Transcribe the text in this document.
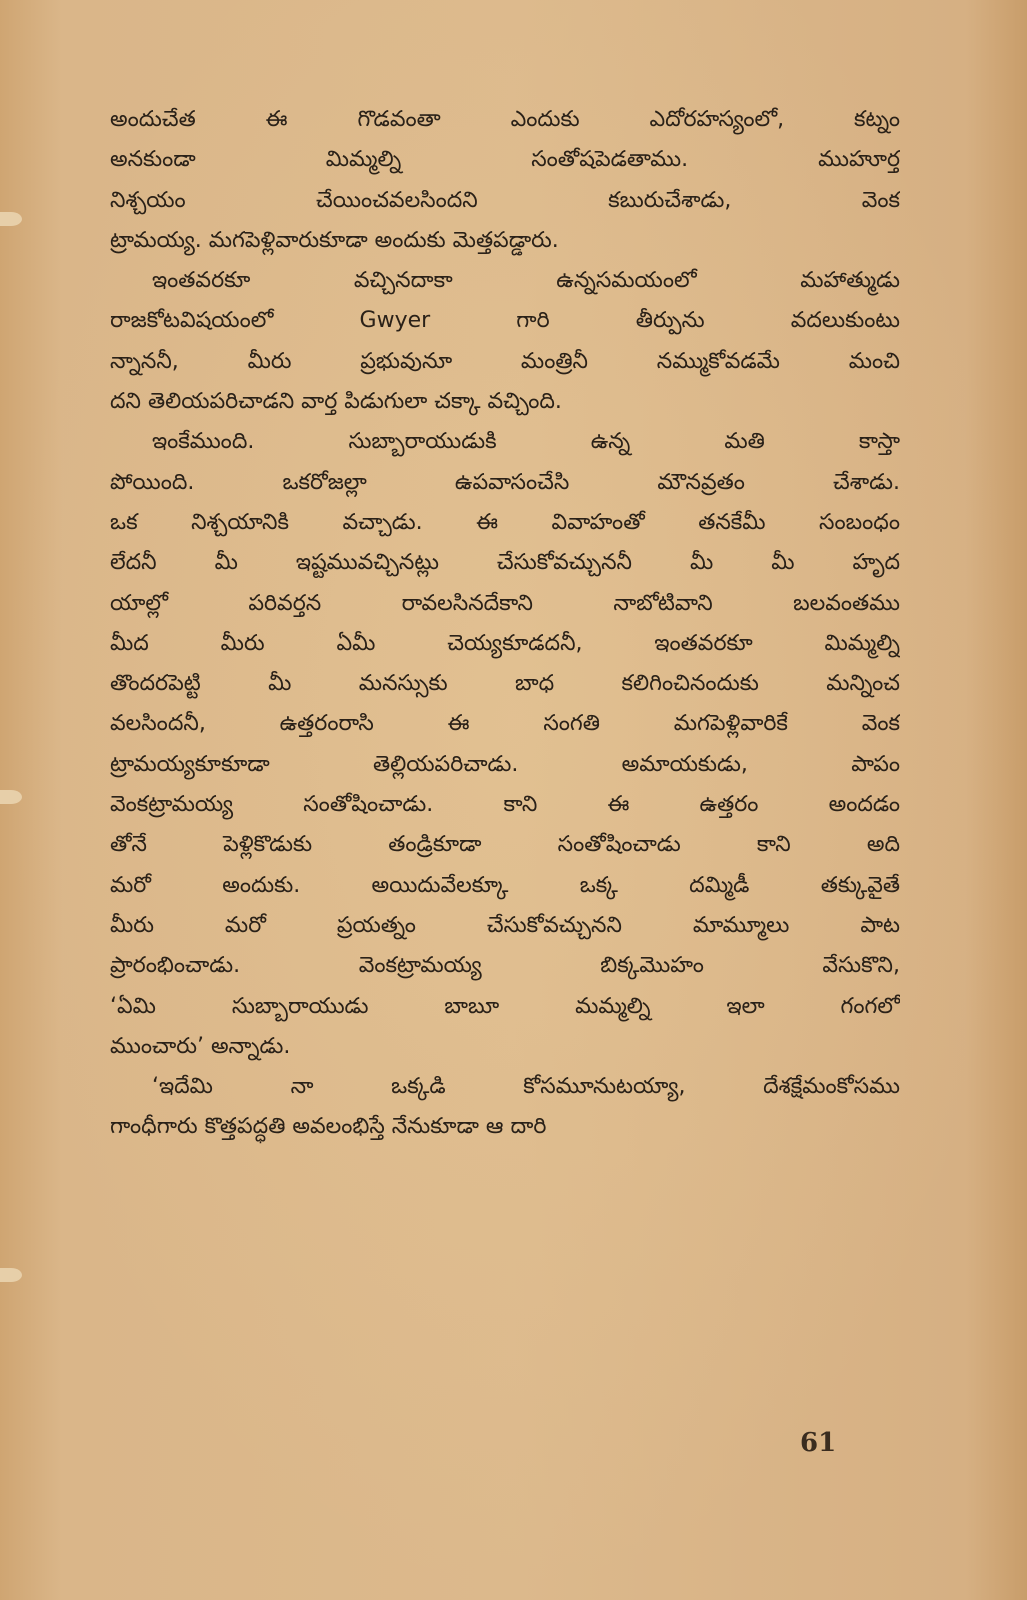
అందుచేత ఈ గొడవంతా ఎందుకు ఎదోరహస్యంలో, కట్నం
అనకుండా మిమ్మల్ని సంతోషపెడతాము. ముహూర్త
నిశ్చయం చేయించవలసిందని కబురుచేశాడు, వెంక
ట్రామయ్య. మగపెళ్లివారుకూడా అందుకు మెత్తపడ్డారు.
ఇంతవరకూ వచ్చినదాకా ఉన్నసమయంలో మహాత్ముడు
రాజకోటవిషయంలో Gwyer గారి తీర్పును వదలుకుంటు
న్నాననీ, మీరు ప్రభువునూ మంత్రినీ నమ్ముకోవడమే మంచి
దని తెలియపరిచాడని వార్త పిడుగులా చక్కా వచ్చింది.
ఇంకేముంది. సుబ్బారాయుడుకి ఉన్న మతి కాస్తా
పోయింది. ఒకరోజల్లా ఉపవాసంచేసి మౌనవ్రతం చేశాడు.
ఒక నిశ్చయానికి వచ్చాడు. ఈ వివాహంతో తనకేమీ సంబంధం
లేదనీ మీ ఇష్టమువచ్చినట్లు చేసుకోవచ్చుననీ మీ మీ హృద
యాల్లో పరివర్తన రావలసినదేకాని నాబోటివాని బలవంతము
మీద మీరు ఏమీ చెయ్యకూడదనీ, ఇంతవరకూ మిమ్మల్ని
తొందరపెట్టి మీ మనస్సుకు బాధ కలిగించినందుకు మన్నించ
వలసిందనీ, ఉత్తరంరాసి ఈ సంగతి మగపెళ్లివారికే వెంక
ట్రామయ్యకూకూడా తెల్లియపరిచాడు. అమాయకుడు, పాపం
వెంకట్రామయ్య సంతోషించాడు. కాని ఈ ఉత్తరం అందడం
తోనే పెళ్లికొడుకు తండ్రికూడా సంతోషించాడు కాని అది
మరో అందుకు. అయిదువేలక్కూ ఒక్క దమ్మిడీ తక్కువైతే
మీరు మరో ప్రయత్నం చేసుకోవచ్చునని మామ్మూలు పాట
ప్రారంభించాడు. వెంకట్రామయ్య బిక్కమొహం వేసుకొని,
‘ఏమి సుబ్బారాయుడు బాబూ మమ్మల్ని ఇలా గంగలో
ముంచారు’ అన్నాడు.
‘ఇదేమి నా ఒక్కడి కోసమూనుటయ్యా, దేశక్షేమంకోసము
గాంధీగారు కొత్తపద్ధతి అవలంభిస్తే నేనుకూడా ఆ దారి
61
